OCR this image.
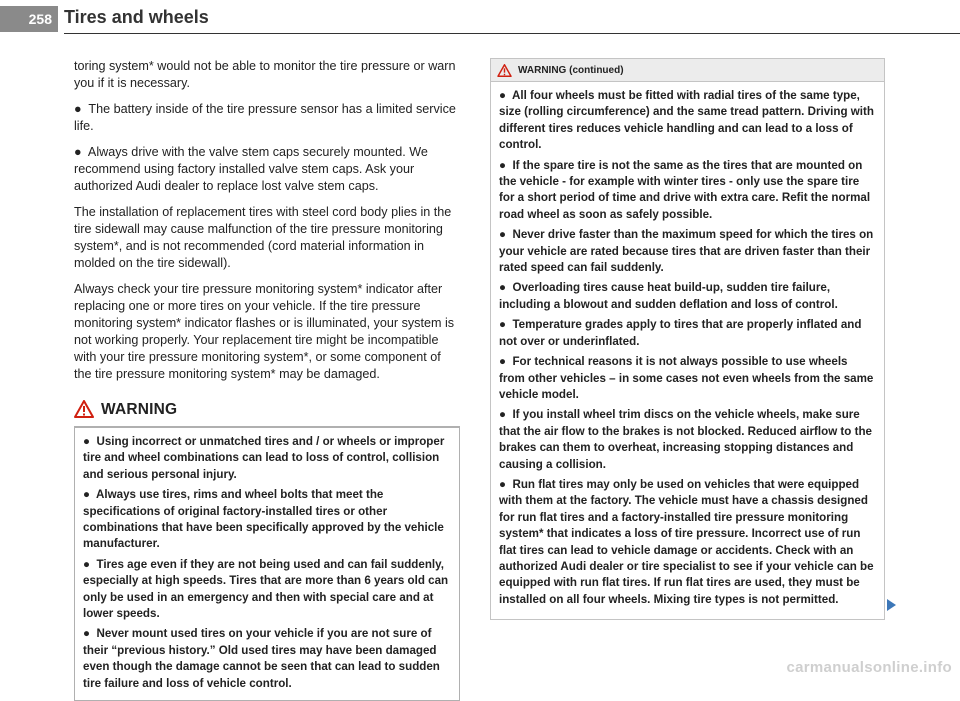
258 Tires and wheels

toring system* would not be able to monitor the tire pressure or warn you if it is necessary.

●  The battery inside of the tire pressure sensor has a limited service life.

●  Always drive with the valve stem caps securely mounted. We recommend using factory installed valve stem caps. Ask your authorized Audi dealer to replace lost valve stem caps.

The installation of replacement tires with steel cord body plies in the tire sidewall may cause malfunction of the tire pressure monitoring system*, and is not recommended (cord material information in molded on the tire sidewall).

Always check your tire pressure monitoring system* indicator after replacing one or more tires on your vehicle. If the tire pressure monitoring system* indicator flashes or is illuminated, your system is not working properly. Your replacement tire might be incompatible with your tire pressure monitoring system*, or some component of the tire pressure monitoring system* may be damaged.

WARNING

●  Using incorrect or unmatched tires and / or wheels or improper tire and wheel combinations can lead to loss of control, collision and serious personal injury.

●  Always use tires, rims and wheel bolts that meet the specifications of original factory-installed tires or other combinations that have been specifically approved by the vehicle manufacturer.

●  Tires age even if they are not being used and can fail suddenly, especially at high speeds. Tires that are more than 6 years old can only be used in an emergency and then with special care and at lower speeds.

●  Never mount used tires on your vehicle if you are not sure of their “previous history.” Old used tires may have been damaged even though the damage cannot be seen that can lead to sudden tire failure and loss of vehicle control.

WARNING (continued)

●  All four wheels must be fitted with radial tires of the same type, size (rolling circumference) and the same tread pattern. Driving with different tires reduces vehicle handling and can lead to a loss of control.

●  If the spare tire is not the same as the tires that are mounted on the vehicle - for example with winter tires - only use the spare tire for a short period of time and drive with extra care. Refit the normal road wheel as soon as safely possible.

●  Never drive faster than the maximum speed for which the tires on your vehicle are rated because tires that are driven faster than their rated speed can fail suddenly.

●  Overloading tires cause heat build-up, sudden tire failure, including a blowout and sudden deflation and loss of control.

●  Temperature grades apply to tires that are properly inflated and not over or underinflated.

●  For technical reasons it is not always possible to use wheels from other vehicles – in some cases not even wheels from the same vehicle model.

●  If you install wheel trim discs on the vehicle wheels, make sure that the air flow to the brakes is not blocked. Reduced airflow to the brakes can them to overheat, increasing stopping distances and causing a collision.

●  Run flat tires may only be used on vehicles that were equipped with them at the factory. The vehicle must have a chassis designed for run flat tires and a factory-installed tire pressure monitoring system* that indicates a loss of tire pressure. Incorrect use of run flat tires can lead to vehicle damage or accidents. Check with an authorized Audi dealer or tire specialist to see if your vehicle can be equipped with run flat tires. If run flat tires are used, they must be installed on all four wheels. Mixing tire types is not permitted.

carmanualsonline.info
